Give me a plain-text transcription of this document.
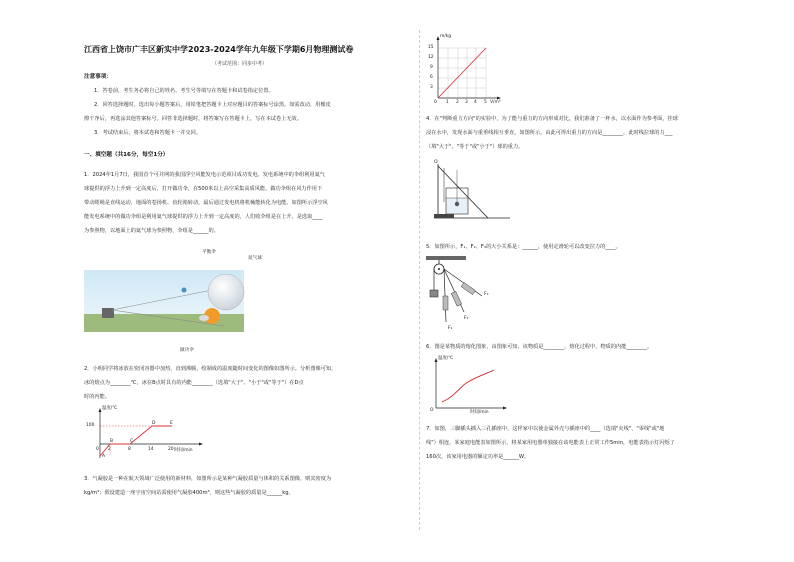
江西省上饶市广丰区新实中学2023-2024学年九年级下学期6月物理测试卷
（考试范围：同步中考）
注意事项：
1．答卷前，考生务必将自己的姓名、考生号等填写在答题卡和试卷指定位置。
2．回答选择题时，选出每小题答案后，用铅笔把答题卡上对应题目的答案标号涂黑。如需改动，用橡皮
擦干净后，再选涂其他答案标号。回答非选择题时，将答案写在答题卡上，写在本试卷上无效。
3．考试结束后，将本试卷和答题卡一并交回。
一、填空题（共16分，每空1分）
1．2024年1月7日，我国首个可并网的我国浮空风能发电示范项目成功发电。发电系统中的伞组利用氦气
球提供的浮力上升到一定高度后，打开做功伞，在500米以上高空采集高质风能。做功伞组在风力作用下
带动缆绳是直线运动，地面的卷扬机、齿轮箱转动，最后通过发电机将机械能转化为电能。如图所示浮空风
能发电系统中的做功伞组是利用氦气球提供的浮力上升到一定高度的，人们收伞组是在上升，是选取____
为参照物，以地面上的氦气球为参照物，伞组是______的。
平衡伞
氦气球
做功伞
2．小明同学将冰放在密闭容器中加热，直到沸腾，绘制成的温度随时间变化的图像如图所示。分析图像可知，
冰的熔点为________℃，冰在B点时具有的内能________（选填"大于"、"小于"或"等于"）在D点
时的内能。
温度/℃
时间/min
100
0 2	8	14	20
A
B	C
D	E
3．气凝胶是一种在航天领域广泛使用的新材料，如图所示是某种气凝胶质量与体积的关系图像，则其密度为
kg/m³；假设建造一座宇宙空间站需使用气凝胶400m³，则这些气凝胶的质量是______kg。
m/kg
V/m³
15
12
9
6
3
0 1 2 3 4 5
4．在"判断重力方向"的实验中，为了能与重力的方向形成对比，我们准备了一杯水，以水面作为参考面，挂球
浸在水中，发现水面与重垂线相互垂直，如图所示。由此可得出重力的方向是________，此时线拉球的力___
（填"大于"、"等于"或"小于"）球的重力。
O
5．如图所示，F₁、F₂、F₃的大小关系是：______，使用定滑轮可以改变拉力的____。
F₃
F₂
F₁
6．图是某物质的熔化图象，由图象可知，该物质是________，熔化过程中，物质的内能________。
温度/℃
时间/min
O
7．如图，三脚插头插入三孔插座中，这样家中以使金属外壳与插座中的____（选填"火线"、"零线"或"地
线"）相连，某家庭电能表如图所示，将某家用电器单独接在该电能表上正常工作5min，电能表指示灯闪烁了
160次，该家用电器的额定功率是______W。
